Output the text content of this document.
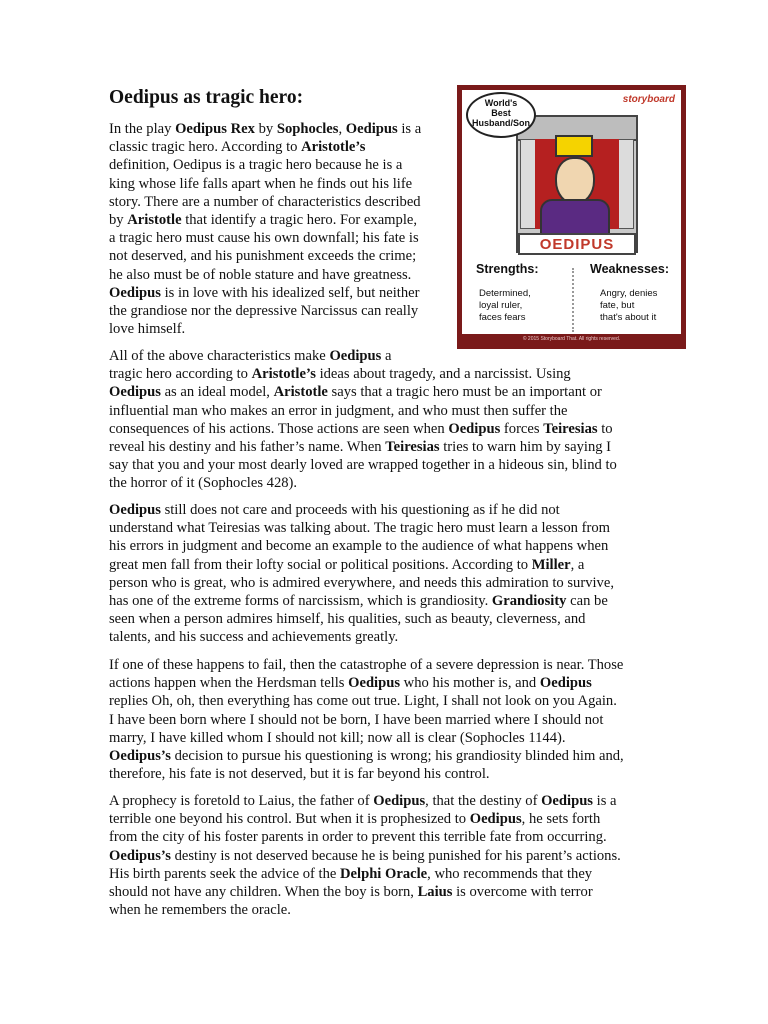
Oedipus as tragic hero:	World's
Best
Husband/Son
storyboard
OEDIPUS
Strengths:	Weaknesses:
Determined,
loyal ruler,
faces fears
Angry, denies
fate, but
that's about it
© 2015 Storyboard That. All rights reserved.
In the play Oedipus Rex by Sophocles, Oedipus is a
classic tragic hero. According to Aristotle’s
definition, Oedipus is a tragic hero because he is a
king whose life falls apart when he finds out his life
story. There are a number of characteristics described
by Aristotle that identify a tragic hero. For example,
a tragic hero must cause his own downfall; his fate is
not deserved, and his punishment exceeds the crime;
he also must be of noble stature and have greatness.
Oedipus is in love with his idealized self, but neither
the grandiose nor the depressive Narcissus can really
love himself.
All of the above characteristics make Oedipus a
tragic hero according to Aristotle’s ideas about tragedy, and a narcissist. Using
Oedipus as an ideal model, Aristotle says that a tragic hero must be an important or
influential man who makes an error in judgment, and who must then suffer the
consequences of his actions. Those actions are seen when Oedipus forces Teiresias to
reveal his destiny and his father’s name. When Teiresias tries to warn him by saying I
say that you and your most dearly loved are wrapped together in a hideous sin, blind to
the horror of it (Sophocles 428).
Oedipus still does not care and proceeds with his questioning as if he did not
understand what Teiresias was talking about. The tragic hero must learn a lesson from
his errors in judgment and become an example to the audience of what happens when
great men fall from their lofty social or political positions. According to Miller, a
person who is great, who is admired everywhere, and needs this admiration to survive,
has one of the extreme forms of narcissism, which is grandiosity. Grandiosity can be
seen when a person admires himself, his qualities, such as beauty, cleverness, and
talents, and his success and achievements greatly.
If one of these happens to fail, then the catastrophe of a severe depression is near. Those
actions happen when the Herdsman tells Oedipus who his mother is, and Oedipus
replies Oh, oh, then everything has come out true. Light, I shall not look on you Again.
I have been born where I should not be born, I have been married where I should not
marry, I have killed whom I should not kill; now all is clear (Sophocles 1144).
Oedipus’s decision to pursue his questioning is wrong; his grandiosity blinded him and,
therefore, his fate is not deserved, but it is far beyond his control.
A prophecy is foretold to Laius, the father of Oedipus, that the destiny of Oedipus is a
terrible one beyond his control. But when it is prophesized to Oedipus, he sets forth
from the city of his foster parents in order to prevent this terrible fate from occurring.
Oedipus’s destiny is not deserved because he is being punished for his parent’s actions.
His birth parents seek the advice of the Delphi Oracle, who recommends that they
should not have any children. When the boy is born, Laius is overcome with terror
when he remembers the oracle.
